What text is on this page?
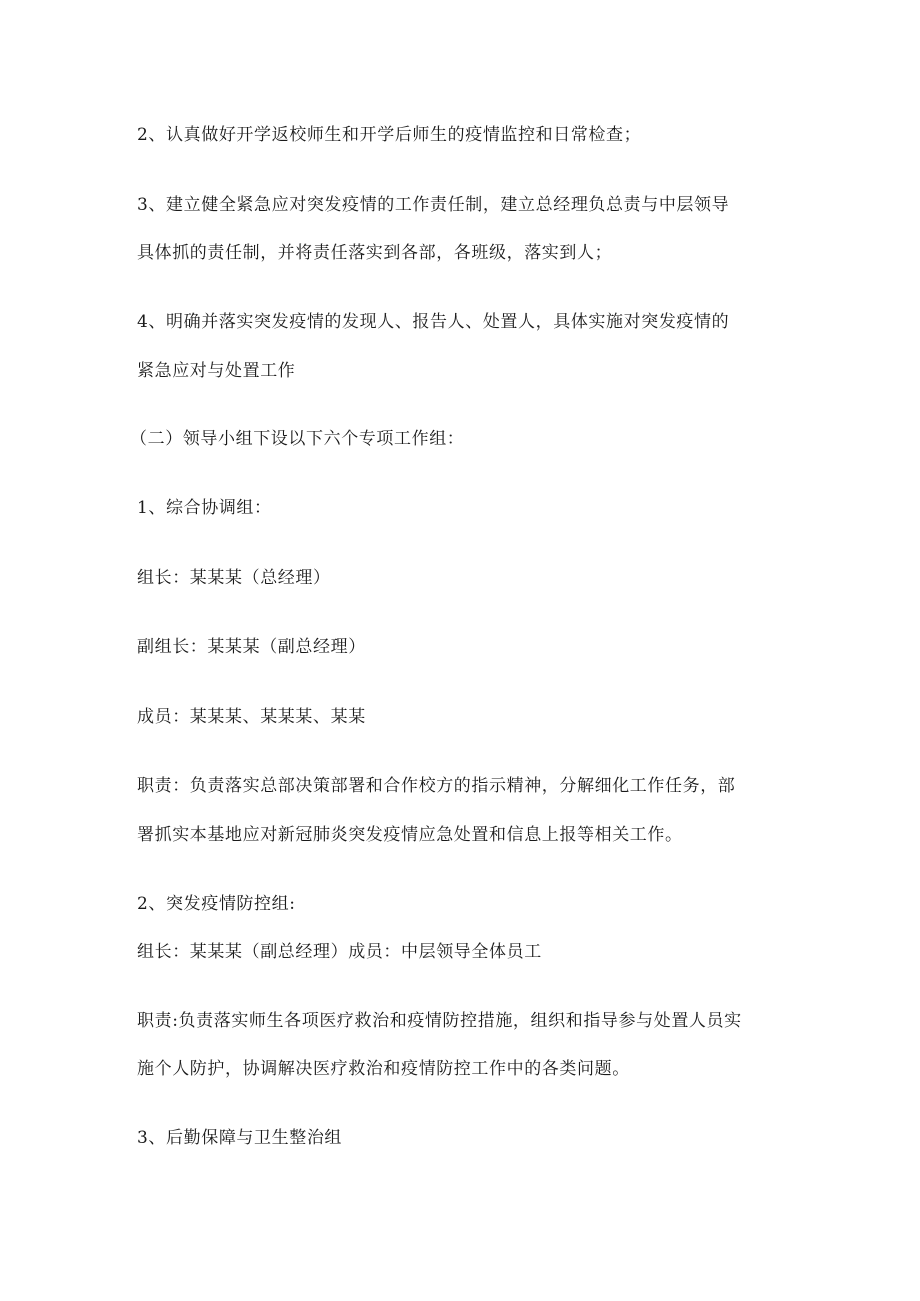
2、认真做好开学返校师生和开学后师生的疫情监控和日常检查；
3、建立健全紧急应对突发疫情的工作责任制，建立总经理负总责与中层领导
具体抓的责任制，并将责任落实到各部，各班级，落实到人；
4、明确并落实突发疫情的发现人、报告人、处置人，具体实施对突发疫情的
紧急应对与处置工作
（二）领导小组下设以下六个专项工作组：
1、综合协调组：
组长：某某某（总经理）
副组长：某某某（副总经理）
成员：某某某、某某某、某某
职责：负责落实总部决策部署和合作校方的指示精神，分解细化工作任务，部
署抓实本基地应对新冠肺炎突发疫情应急处置和信息上报等相关工作。
2、突发疫情防控组:
组长：某某某（副总经理）成员：中层领导全体员工
职责:负责落实师生各项医疗救治和疫情防控措施，组织和指导参与处置人员实
施个人防护，协调解决医疗救治和疫情防控工作中的各类问题。
3、后勤保障与卫生整治组
